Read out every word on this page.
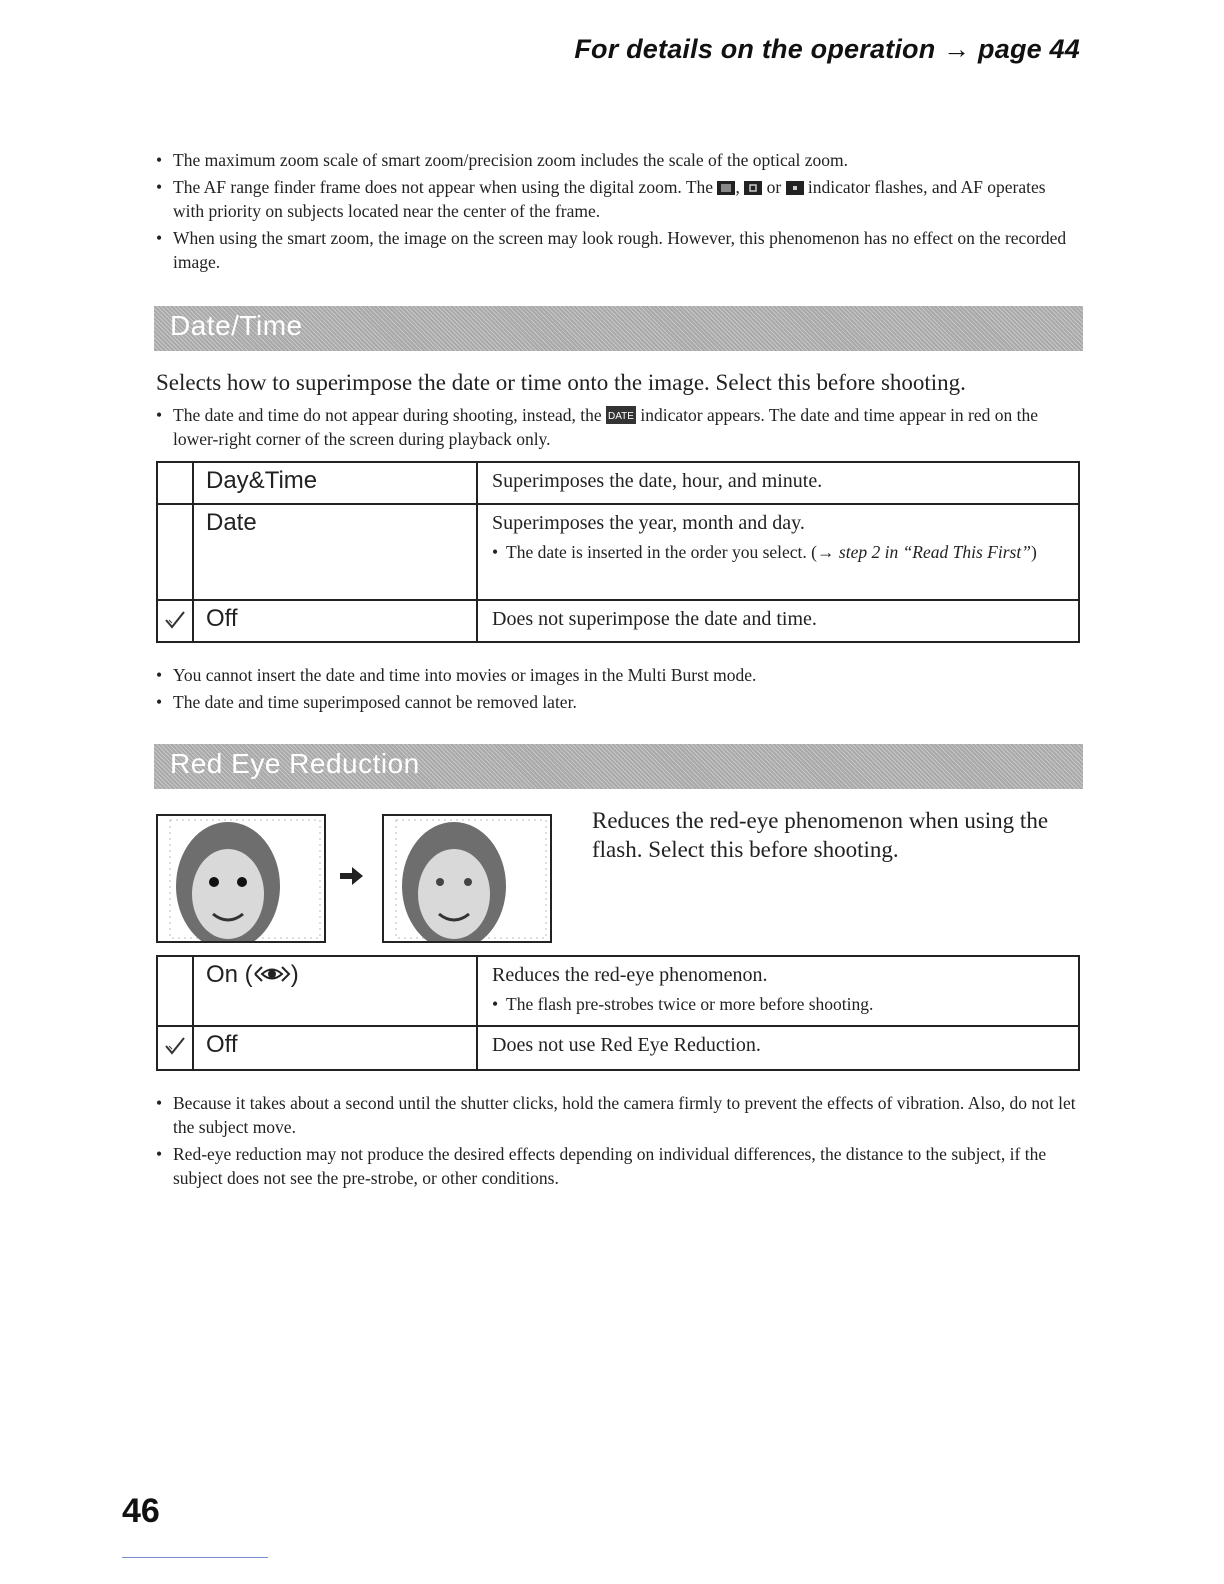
For details on the operation → page 44
• The maximum zoom scale of smart zoom/precision zoom includes the scale of the optical zoom.
• The AF range finder frame does not appear when using the digital zoom. The ,  or indicator flashes, and AF operates with priority on subjects located near the center of the frame.
• When using the smart zoom, the image on the screen may look rough. However, this phenomenon has no effect on the recorded image.
Date/Time

Selects how to superimpose the date or time onto the image. Select this before shooting.

• The date and time do not appear during shooting, instead, the DATE indicator appears. The date and time appear in red on the lower-right corner of the screen during playback only.
	Day&Time	Superimposes the date, hour, and minute.
	Date	Superimposes the year, month and day.
• The date is inserted in the order you select. (→ step 2 in “Read This First”)

	Off	Does not superimpose the date and time.
• You cannot insert the date and time into movies or images in the Multi Burst mode.
• The date and time superimposed cannot be removed later.
Red Eye Reduction

Reduces the red-eye phenomenon when using the flash. Select this before shooting.

	On ( )	Reduces the red-eye phenomenon.
• The flash pre-strobes twice or more before shooting.

	Off	Does not use Red Eye Reduction.
• Because it takes about a second until the shutter clicks, hold the camera firmly to prevent the effects of vibration. Also, do not let the subject move.
• Red-eye reduction may not produce the desired effects depending on individual differences, the distance to the subject, if the subject does not see the pre-strobe, or other conditions.
46
